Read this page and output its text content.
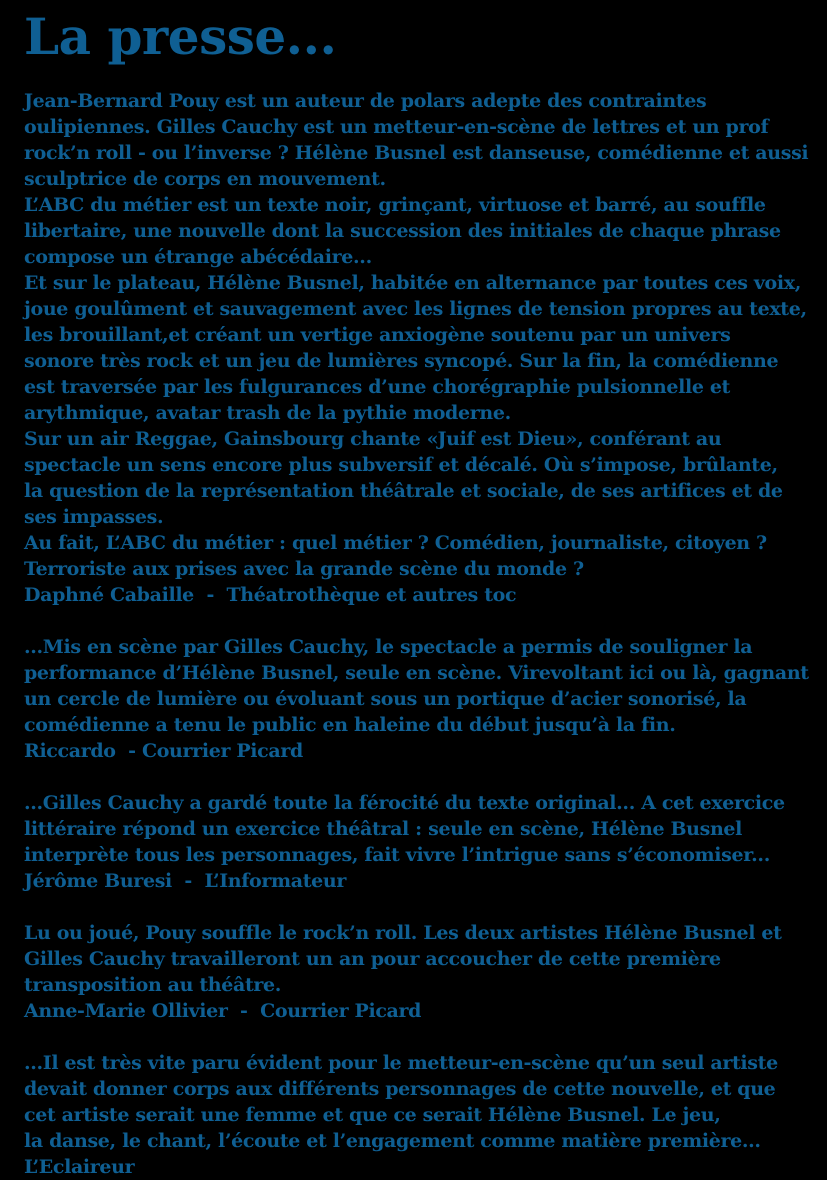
La presse...
Jean-Bernard Pouy est un auteur de polars adepte des contraintes
oulipiennes. Gilles Cauchy est un metteur-en-scène de lettres et un prof
rock’n roll - ou l’inverse ? Hélène Busnel est danseuse, comédienne et aussi
sculptrice de corps en mouvement.
L’ABC du métier est un texte noir, grinçant, virtuose et barré, au souffle
libertaire, une nouvelle dont la succession des initiales de chaque phrase
compose un étrange abécédaire...
Et sur le plateau, Hélène Busnel, habitée en alternance par toutes ces voix,
joue goulûment et sauvagement avec les lignes de tension propres au texte,
les brouillant,et créant un vertige anxiogène soutenu par un univers
sonore très rock et un jeu de lumières syncopé. Sur la fin, la comédienne
est traversée par les fulgurances d’une chorégraphie pulsionnelle et
arythmique, avatar trash de la pythie moderne.
Sur un air Reggae, Gainsbourg chante «Juif est Dieu», conférant au
spectacle un sens encore plus subversif et décalé. Où s’impose, brûlante,
la question de la représentation théâtrale et sociale, de ses artifices et de
ses impasses.
Au fait, L’ABC du métier : quel métier ? Comédien, journaliste, citoyen ?
Terroriste aux prises avec la grande scène du monde ?
Daphné Cabaille  -  Théatrothèque et autres toc
...Mis en scène par Gilles Cauchy, le spectacle a permis de souligner la
performance d’Hélène Busnel, seule en scène. Virevoltant ici ou là, gagnant
un cercle de lumière ou évoluant sous un portique d’acier sonorisé, la
comédienne a tenu le public en haleine du début jusqu’à la fin.
Riccardo  - Courrier Picard
...Gilles Cauchy a gardé toute la férocité du texte original... A cet exercice
littéraire répond un exercice théâtral : seule en scène, Hélène Busnel
interprète tous les personnages, fait vivre l’intrigue sans s’économiser...
Jérôme Buresi  -  L’Informateur
Lu ou joué, Pouy souffle le rock’n roll. Les deux artistes Hélène Busnel et
Gilles Cauchy travailleront un an pour accoucher de cette première
transposition au théâtre.
Anne-Marie Ollivier  -  Courrier Picard
...Il est très vite paru évident pour le metteur-en-scène qu’un seul artiste
devait donner corps aux différents personnages de cette nouvelle, et que
cet artiste serait une femme et que ce serait Hélène Busnel. Le jeu,
la danse, le chant, l’écoute et l’engagement comme matière première...
L’Eclaireur
